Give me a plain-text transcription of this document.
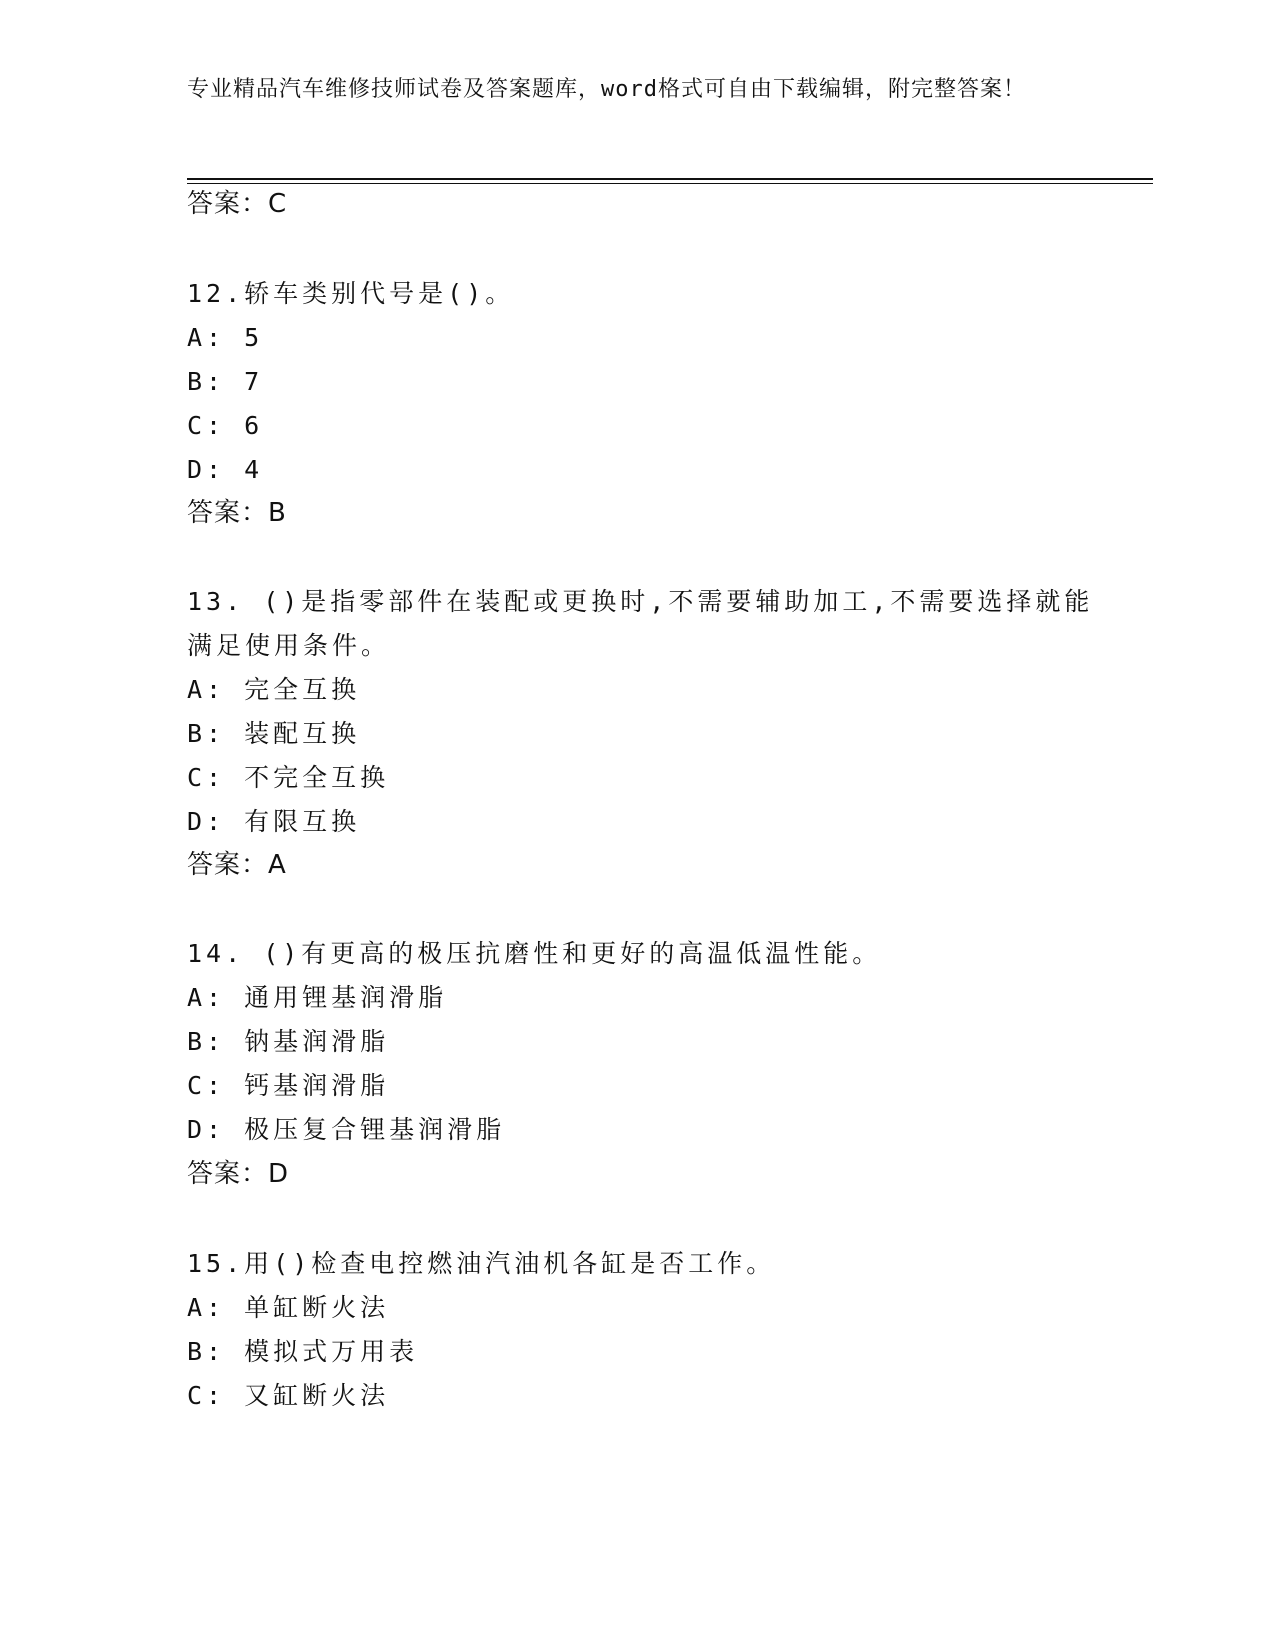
专业精品汽车维修技师试卷及答案题库，word格式可自由下载编辑，附完整答案！
答案：C
12.轿车类别代号是()。
A: 5
B: 7
C: 6
D: 4
答案：B
13. ()是指零部件在装配或更换时,不需要辅助加工,不需要选择就能
满足使用条件。
A: 完全互换
B: 装配互换
C: 不完全互换
D: 有限互换
答案：A
14. ()有更高的极压抗磨性和更好的高温低温性能。
A: 通用锂基润滑脂
B: 钠基润滑脂
C: 钙基润滑脂
D: 极压复合锂基润滑脂
答案：D
15.用()检查电控燃油汽油机各缸是否工作。
A: 单缸断火法
B: 模拟式万用表
C: 又缸断火法
